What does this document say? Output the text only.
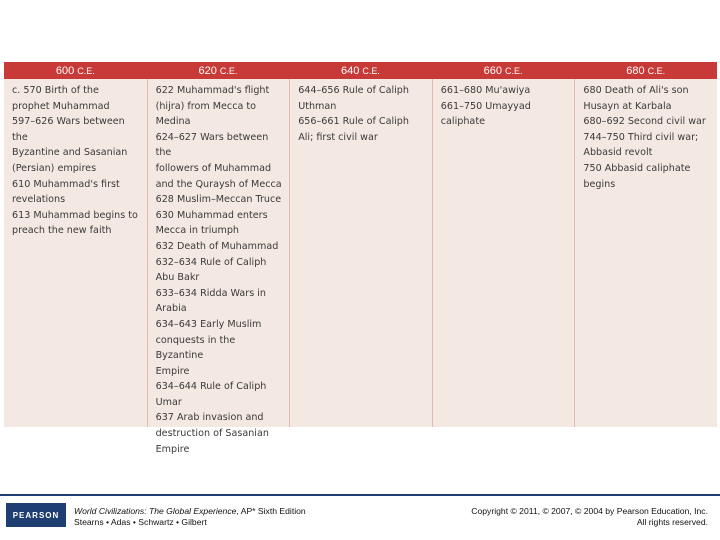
600 C.E.	620 C.E.	640 C.E.	660 C.E.	680 C.E.

c. 570 Birth of the
prophet Muhammad
597–626 Wars between the
Byzantine and Sasanian
(Persian) empires
610 Muhammad's first
revelations
613 Muhammad begins to
preach the new faith

622 Muhammad's flight
(hijra) from Mecca to
Medina
624–627 Wars between the
followers of Muhammad
and the Quraysh of Mecca
628 Muslim–Meccan Truce
630 Muhammad enters
Mecca in triumph
632 Death of Muhammad
632–634 Rule of Caliph
Abu Bakr
633–634 Ridda Wars in
Arabia
634–643 Early Muslim
conquests in the Byzantine
Empire
634–644 Rule of Caliph
Umar
637 Arab invasion and
destruction of Sasanian
Empire

644–656 Rule of Caliph
Uthman
656–661 Rule of Caliph
Ali; first civil war

661–680 Mu'awiya
661–750 Umayyad
caliphate

680 Death of Ali's son
Husayn at Karbala
680–692 Second civil war
744–750 Third civil war;
Abbasid revolt
750 Abbasid caliphate
begins

PEARSON World Civilizations: The Global Experience, AP* Sixth Edition
Stearns • Adas • Schwartz • Gilbert
Copyright © 2011, © 2007, © 2004 by Pearson Education, Inc.
All rights reserved.
